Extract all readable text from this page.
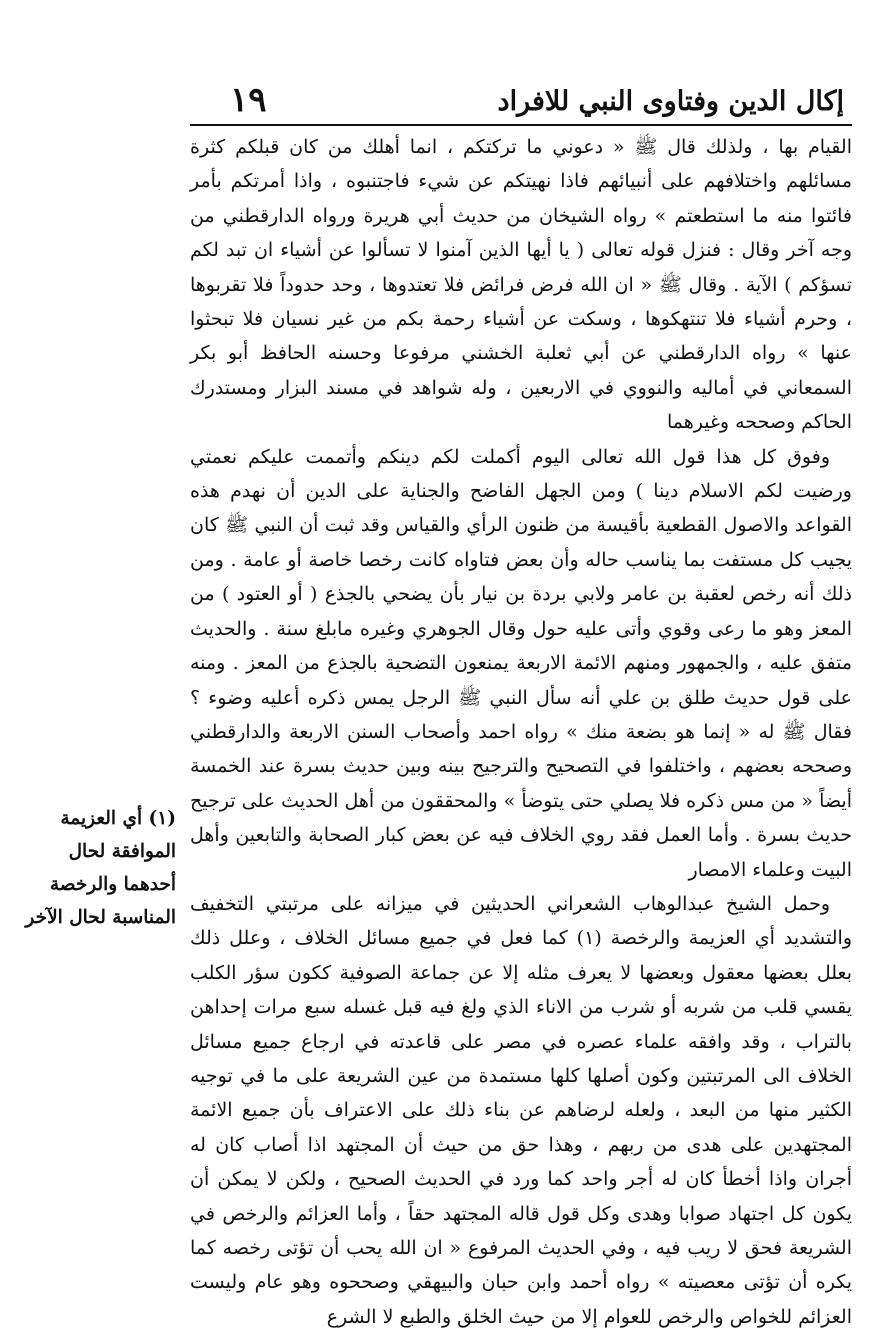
١٩	إكال الدين وفتاوى النبي للافراد

القيام بها ، ولذلك قال ﷺ « دعوني ما تركتكم ، انما أهلك من كان قبلكم كثرة مسائلهم واختلافهم على أنبيائهم فاذا نهيتكم عن شيء فاجتنبوه ، واذا أمرتكم بأمر فائتوا منه ما استطعتم » رواه الشيخان من حديث أبي هريرة ورواه الدارقطني من وجه آخر وقال : فنزل قوله تعالى ( يا أيها الذين آمنوا لا تسألوا عن أشياء ان تبد لكم تسؤكم ) الآية . وقال ﷺ « ان الله فرض فرائض فلا تعتدوها ، وحد حدوداً فلا تقربوها ، وحرم أشياء فلا تنتهكوها ، وسكت عن أشياء رحمة بكم من غير نسيان فلا تبحثوا عنها » رواه الدارقطني عن أبي ثعلبة الخشني مرفوعا وحسنه الحافظ أبو بكر السمعاني في أماليه والنووي في الاربعين ، وله شواهد في مسند البزار ومستدرك الحاكم وصححه وغيرهما

وفوق كل هذا قول الله تعالى اليوم أكملت لكم دينكم وأتممت عليكم نعمتي ورضيت لكم الاسلام دينا ) ومن الجهل الفاضح والجناية على الدين أن نهدم هذه القواعد والاصول القطعية بأقيسة من ظنون الرأي والقياس وقد ثبت أن النبي ﷺ كان يجيب كل مستفت بما يناسب حاله وأن بعض فتاواه كانت رخصا خاصة أو عامة . ومن ذلك أنه رخص لعقبة بن عامر ولابي بردة بن نيار بأن يضحي بالجذع ( أو العتود ) من المعز وهو ما رعى وقوي وأتى عليه حول وقال الجوهري وغيره مابلغ سنة . والحديث متفق عليه ، والجمهور ومنهم الائمة الاربعة يمنعون التضحية بالجذع من المعز . ومنه على قول حديث طلق بن علي أنه سأل النبي ﷺ الرجل يمس ذكره أعليه وضوء ؟ فقال ﷺ له « إنما هو بضعة منك » رواه احمد وأصحاب السنن الاربعة والدارقطني وصححه بعضهم ، واختلفوا في التصحيح والترجيح بينه وبين حديث بسرة عند الخمسة أيضاً « من مس ذكره فلا يصلي حتى يتوضأ » والمحققون من أهل الحديث على ترجيح حديث بسرة . وأما العمل فقد روي الخلاف فيه عن بعض كبار الصحابة والتابعين وأهل البيت وعلماء الامصار

وحمل الشيخ عبدالوهاب الشعراني الحديثين في ميزانه على مرتبتي التخفيف والتشديد أي العزيمة والرخصة (١) كما فعل في جميع مسائل الخلاف ، وعلل ذلك بعلل بعضها معقول وبعضها لا يعرف مثله إلا عن جماعة الصوفية ككون سؤر الكلب يقسي قلب من شربه أو شرب من الاناء الذي ولغ فيه قبل غسله سبع مرات إحداهن بالتراب ، وقد وافقه علماء عصره في مصر على قاعدته في ارجاع جميع مسائل الخلاف الى المرتبتين وكون أصلها كلها مستمدة من عين الشريعة على ما في توجيه الكثير منها من البعد ، ولعله لرضاهم عن بناء ذلك على الاعتراف بأن جميع الائمة المجتهدين على هدى من ربهم ، وهذا حق من حيث أن المجتهد اذا أصاب كان له أجران واذا أخطأ كان له أجر واحد كما ورد في الحديث الصحيح ، ولكن لا يمكن أن يكون كل اجتهاد صوابا وهدى وكل قول قاله المجتهد حقاً ، وأما العزائم والرخص في الشريعة فحق لا ريب فيه ، وفي الحديث المرفوع « ان الله يحب أن تؤتى رخصه كما يكره أن تؤتى معصيته » رواه أحمد وابن حبان والبيهقي وصححوه وهو عام وليست العزائم للخواص والرخص للعوام إلا من حيث الخلق والطبع لا الشرع

(١) أي العزيمة الموافقة لحال أحدهما والرخصة المناسبة لحال الآخر
